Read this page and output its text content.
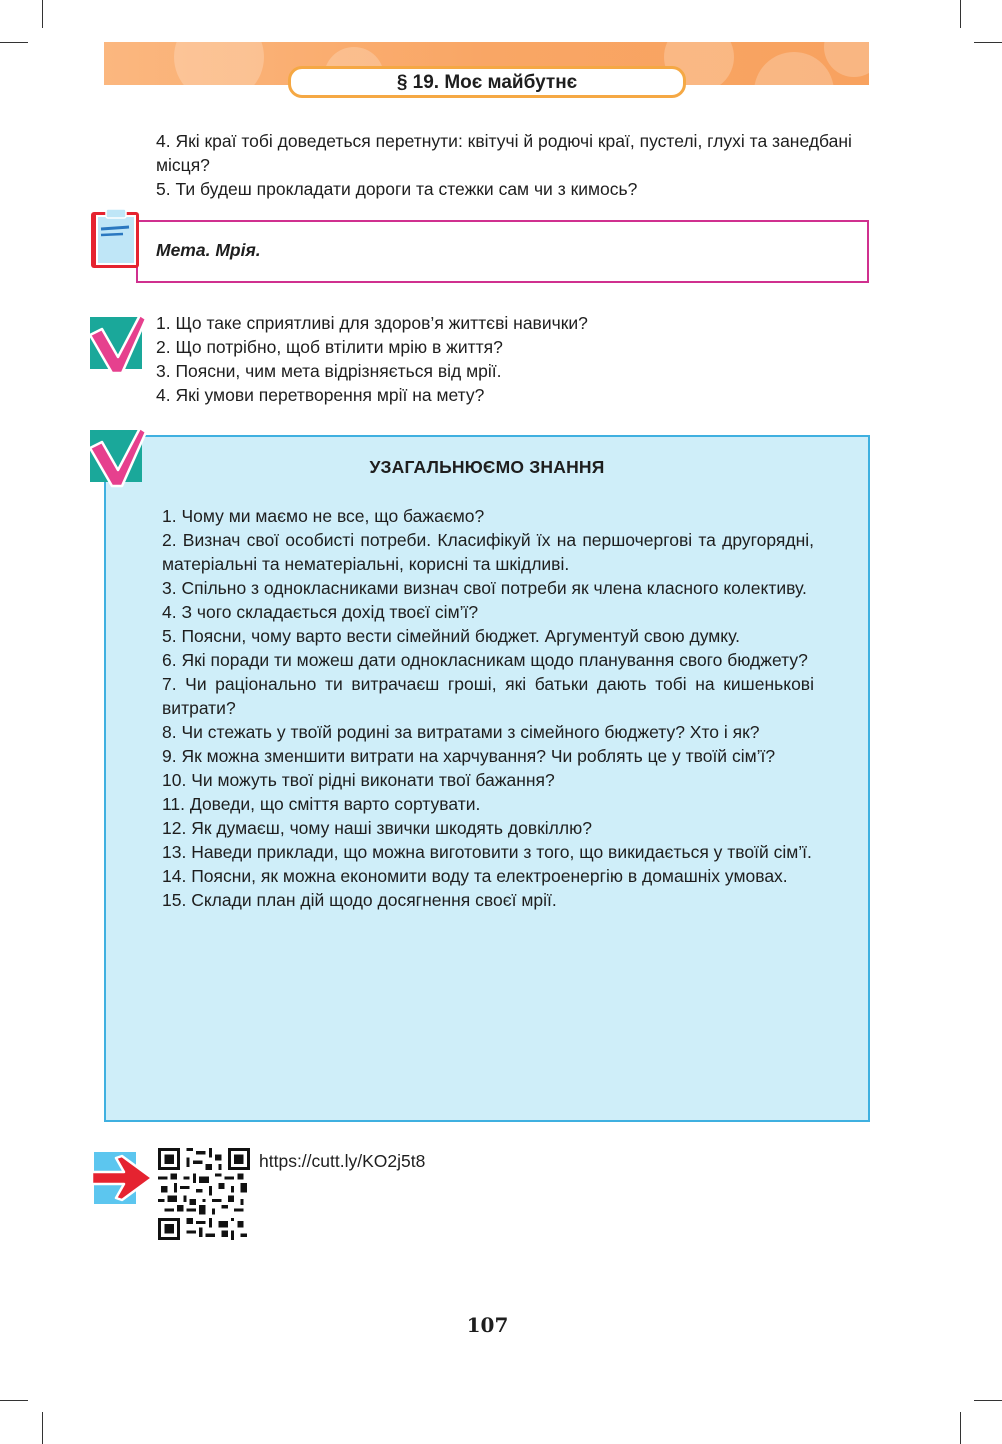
§ 19. Моє майбутнє

4. Які краї тобі доведеться перетнути: квітучі й родючі краї, пустелі, глухі та занедбані місця?

5. Ти будеш прокладати дороги та стежки сам чи з кимось?

Мета. Мрія.

1. Що таке сприятливі для здоров’я життєві навички?

2. Що потрібно, щоб втілити мрію в життя?

3. Поясни, чим мета відрізняється від мрії.

4. Які умови перетворення мрії на мету?

УЗАГАЛЬНЮЄМО ЗНАННЯ

1. Чому ми маємо не все, що бажаємо?

2. Визнач свої особисті потреби. Класифікуй їх на першочергові та другорядні, матеріальні та нематеріальні, корисні та шкідливі.

3. Спільно з однокласниками визнач свої потреби як члена класного колективу.

4. З чого складається дохід твоєї сім’ї?

5. Поясни, чому варто вести сімейний бюджет. Аргументуй свою думку.

6. Які поради ти можеш дати однокласникам щодо планування свого бюджету?

7. Чи раціонально ти витрачаєш гроші, які батьки дають тобі на кишенькові витрати?

8. Чи стежать у твоїй родині за витратами з сімейного бюджету? Хто і як?

9. Як можна зменшити витрати на харчування? Чи роблять це у твоїй сім’ї?

10. Чи можуть твої рідні виконати твої бажання?

11. Доведи, що сміття варто сортувати.

12. Як думаєш, чому наші звички шкодять довкіллю?

13. Наведи приклади, що можна виготовити з того, що викидається у твоїй сім’ї.

14. Поясни, як можна економити воду та електроенергію в домашніх умовах.

15. Склади план дій щодо досягнення своєї мрії.

https://cutt.ly/KO2j5t8
107
